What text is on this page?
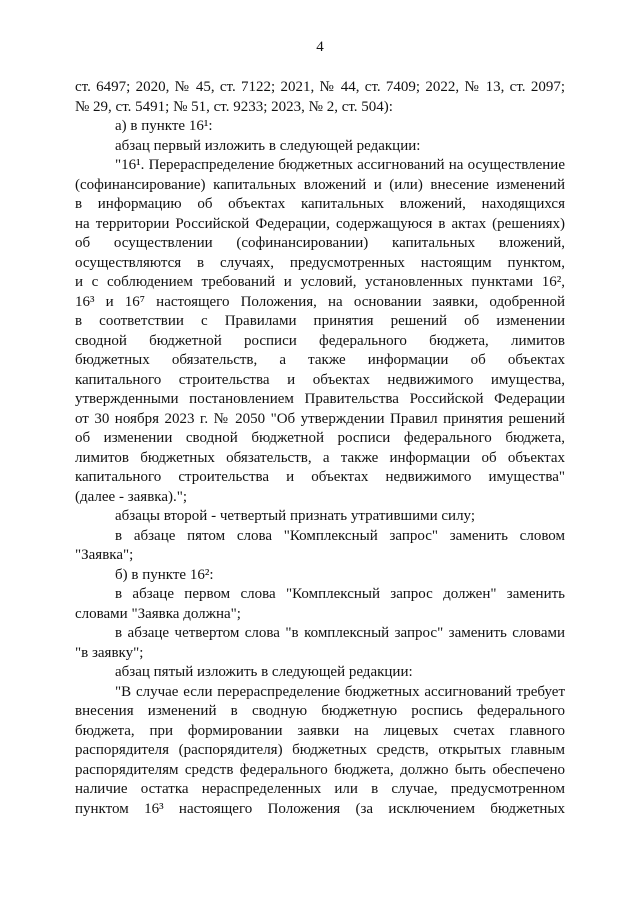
4
ст. 6497; 2020, № 45, ст. 7122; 2021, № 44, ст. 7409; 2022, № 13, ст. 2097;
№ 29, ст. 5491; № 51, ст. 9233; 2023, № 2, ст. 504):
а) в пункте 16¹:
абзац первый изложить в следующей редакции:
"16¹. Перераспределение бюджетных ассигнований на осуществление
(софинансирование) капитальных вложений и (или) внесение изменений
в информацию об объектах капитальных вложений, находящихся
на территории Российской Федерации, содержащуюся в актах (решениях)
об осуществлении (софинансировании) капитальных вложений,
осуществляются в случаях, предусмотренных настоящим пунктом,
и с соблюдением требований и условий, установленных пунктами 16²,
16³ и 16⁷ настоящего Положения, на основании заявки, одобренной
в соответствии с Правилами принятия решений об изменении
сводной бюджетной росписи федерального бюджета, лимитов
бюджетных обязательств, а также информации об объектах
капитального строительства и объектах недвижимого имущества,
утвержденными постановлением Правительства Российской Федерации
от 30 ноября 2023 г. № 2050 "Об утверждении Правил принятия решений
об изменении сводной бюджетной росписи федерального бюджета,
лимитов бюджетных обязательств, а также информации об объектах
капитального строительства и объектах недвижимого имущества"
(далее - заявка).";
абзацы второй - четвертый признать утратившими силу;
в абзаце пятом слова "Комплексный запрос" заменить словом
"Заявка";
б) в пункте 16²:
в абзаце первом слова "Комплексный запрос должен" заменить
словами "Заявка должна";
в абзаце четвертом слова "в комплексный запрос" заменить словами
"в заявку";
абзац пятый изложить в следующей редакции:
"В случае если перераспределение бюджетных ассигнований требует
внесения изменений в сводную бюджетную роспись федерального
бюджета, при формировании заявки на лицевых счетах главного
распорядителя (распорядителя) бюджетных средств, открытых главным
распорядителям средств федерального бюджета, должно быть обеспечено
наличие остатка нераспределенных или в случае, предусмотренном
пунктом 16³ настоящего Положения (за исключением бюджетных
